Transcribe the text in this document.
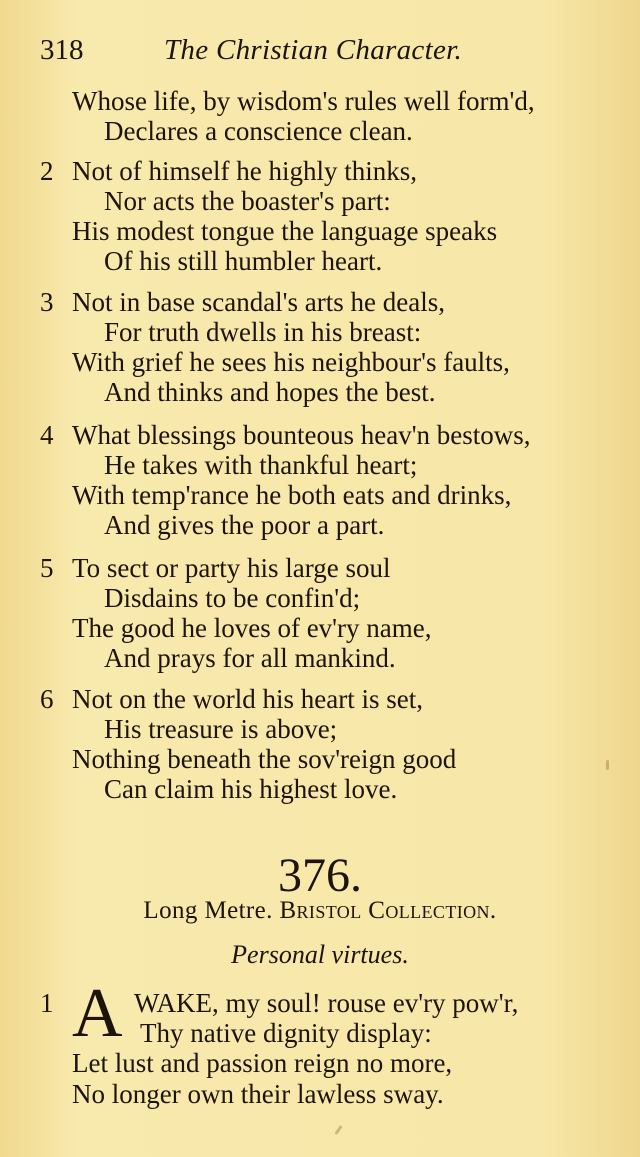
318	The Christian Character.
Whose life, by wisdom's rules well form'd,
Declares a conscience clean.
2 Not of himself he highly thinks,
Nor acts the boaster's part:
His modest tongue the language speaks
Of his still humbler heart.
3 Not in base scandal's arts he deals,
For truth dwells in his breast:
With grief he sees his neighbour's faults,
And thinks and hopes the best.
4 What blessings bounteous heav'n bestows,
He takes with thankful heart;
With temp'rance he both eats and drinks,
And gives the poor a part.
5 To sect or party his large soul
Disdains to be confin'd;
The good he loves of ev'ry name,
And prays for all mankind.
6 Not on the world his heart is set,
His treasure is above;
Nothing beneath the sov'reign good
Can claim his highest love.
376.
Long Metre. Bristol Collection.
Personal virtues.
1	WAKE, my soul! rouse ev'ry pow'r,
A Thy native dignity display:
Let lust and passion reign no more,
No longer own their lawless sway.
